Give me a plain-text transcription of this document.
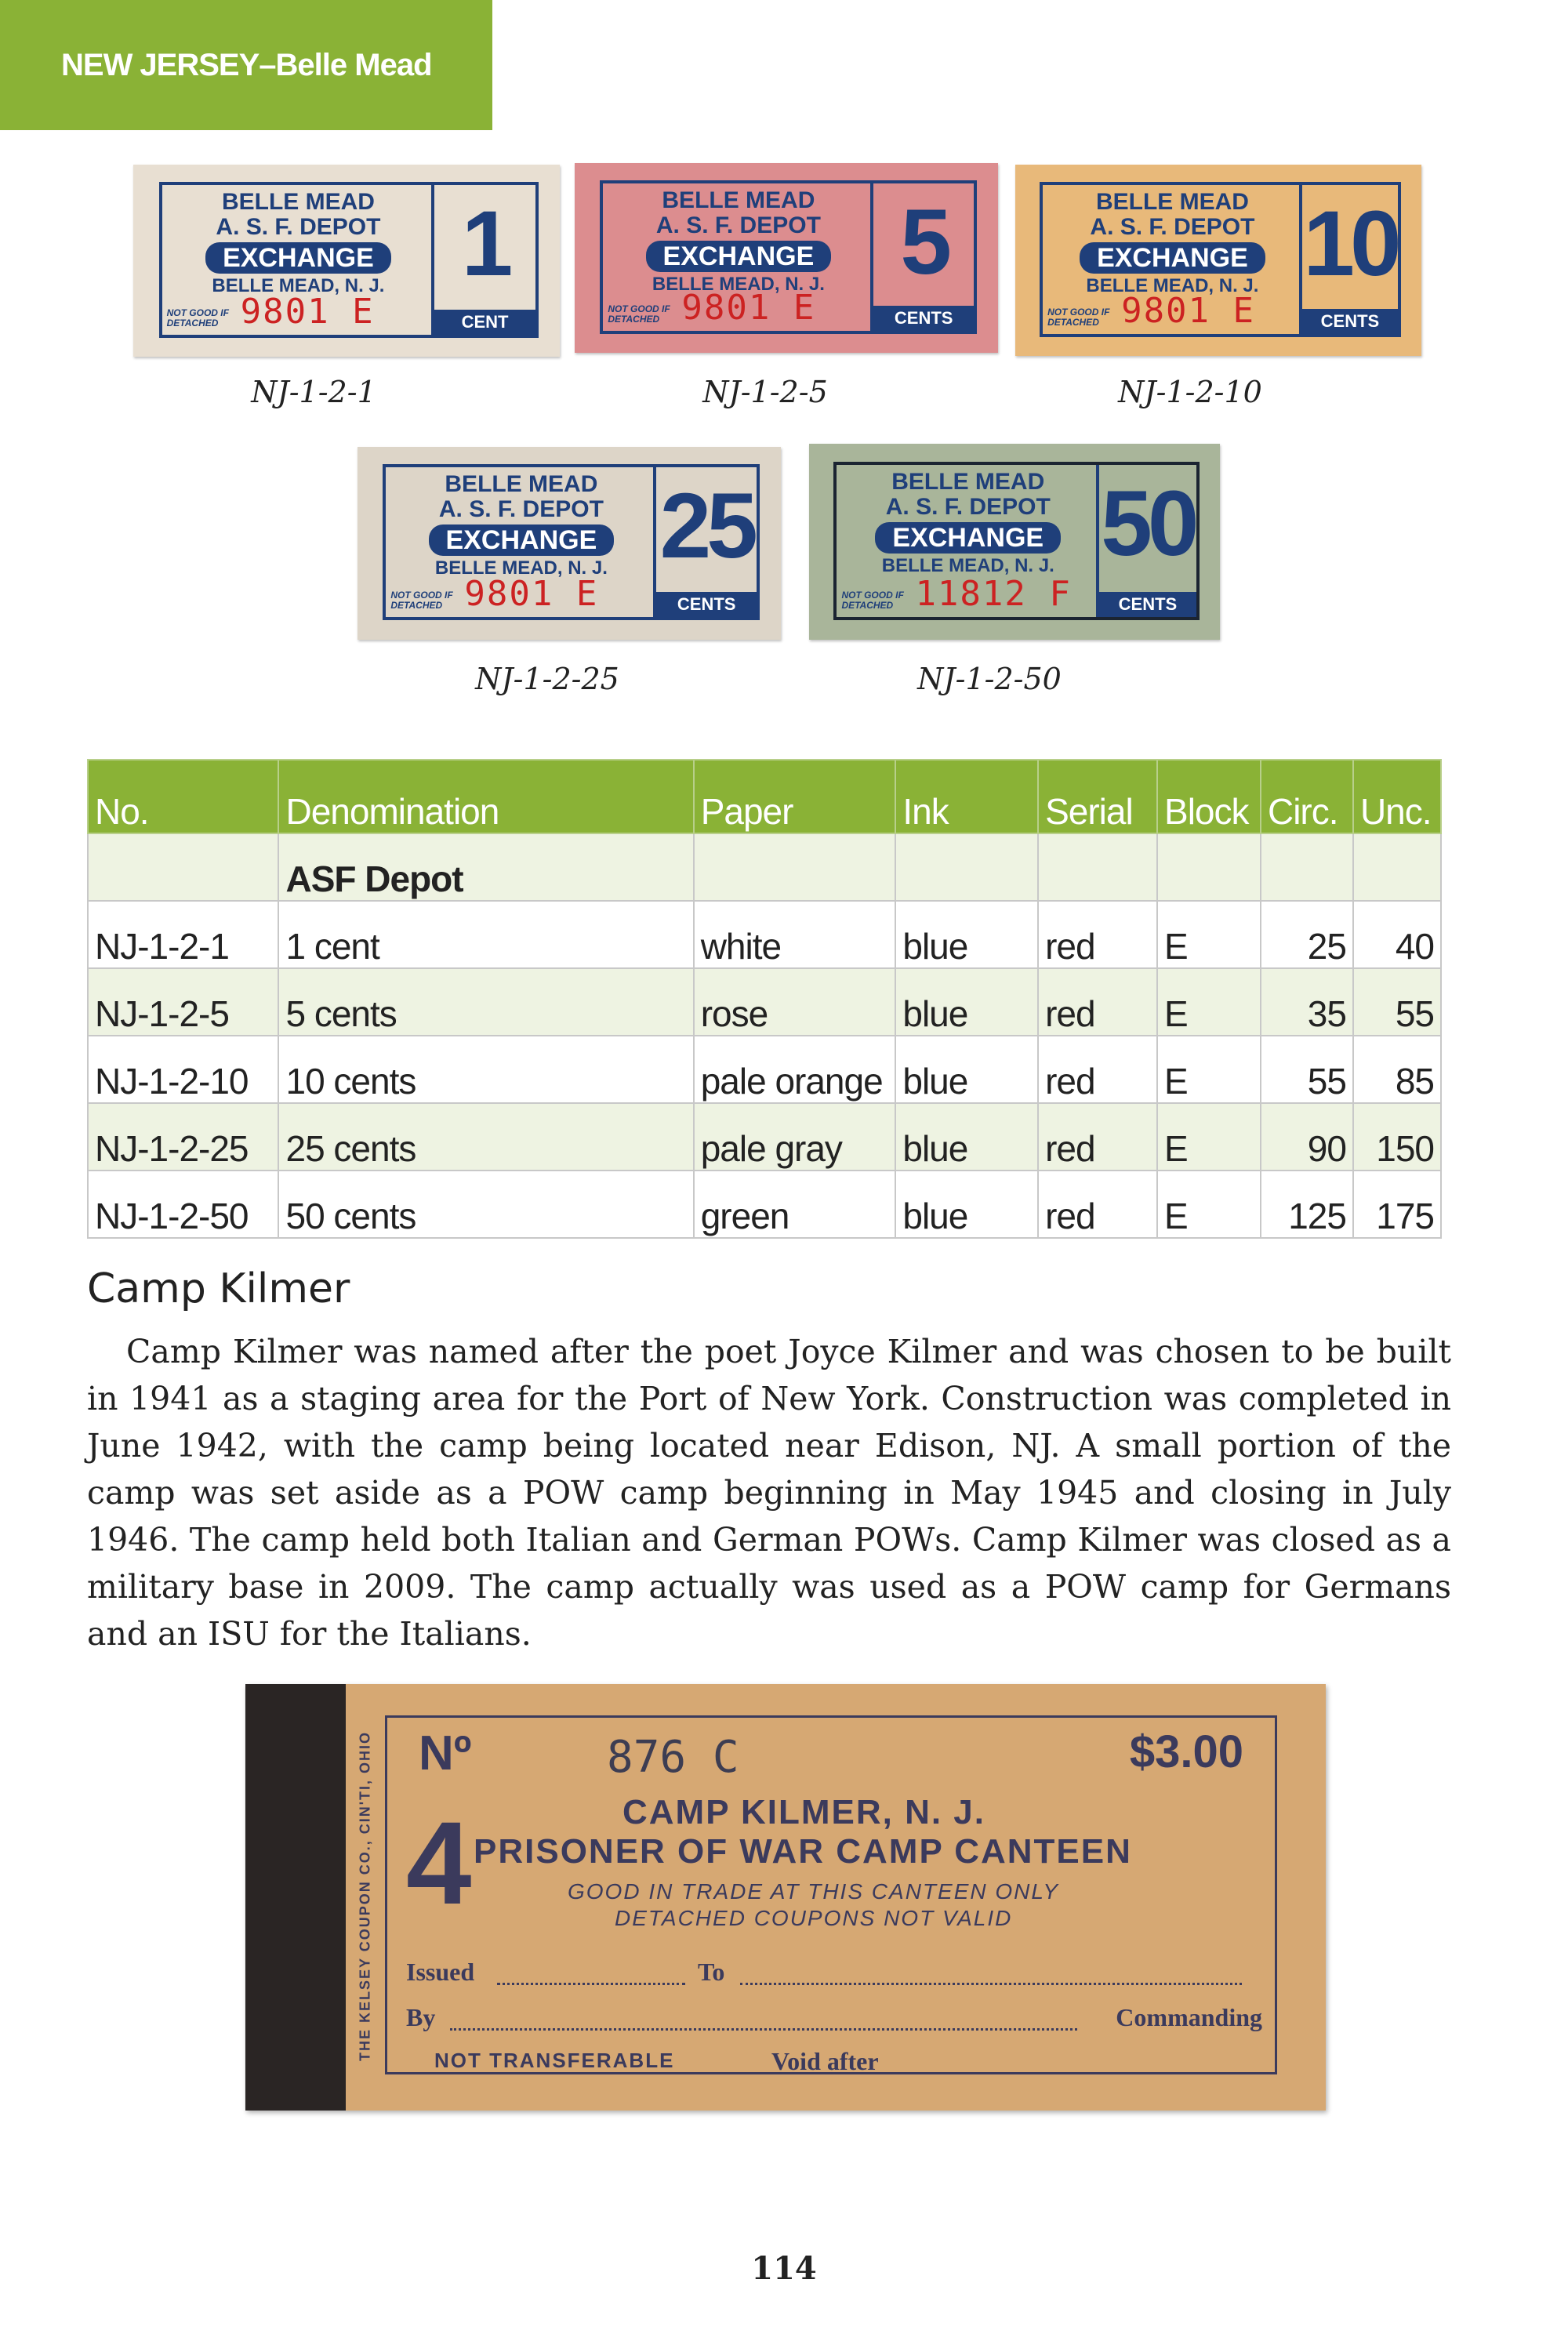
NEW JERSEY–Belle Mead
BELLE MEAD
A. S. F. DEPOT
EXCHANGE
BELLE MEAD, N. J.
NOT GOOD IF DETACHED 9801 E
1
CENT
NJ-1-2-1
BELLE MEAD
A. S. F. DEPOT
EXCHANGE
BELLE MEAD, N. J.
NOT GOOD IF DETACHED 9801 E
5
CENTS
NJ-1-2-5
BELLE MEAD
A. S. F. DEPOT
EXCHANGE
BELLE MEAD, N. J.
NOT GOOD IF DETACHED 9801 E
10
CENTS
NJ-1-2-10
BELLE MEAD
A. S. F. DEPOT
EXCHANGE
BELLE MEAD, N. J.
NOT GOOD IF DETACHED 9801 E
25
CENTS
NJ-1-2-25
BELLE MEAD
A. S. F. DEPOT
EXCHANGE
BELLE MEAD, N. J.
NOT GOOD IF DETACHED 11812 F
50
CENTS
NJ-1-2-50
No.	Denomination	Paper	Ink	Serial	Block	Circ.	Unc.
	ASF Depot						
NJ-1-2-1	1 cent	white	blue	red	E	25	40
NJ-1-2-5	5 cents	rose	blue	red	E	35	55
NJ-1-2-10	10 cents	pale orange	blue	red	E	55	85
NJ-1-2-25	25 cents	pale gray	blue	red	E	90	150
NJ-1-2-50	50 cents	green	blue	red	E	125	175
Camp Kilmer
Camp Kilmer was named after the poet Joyce Kilmer and was chosen to be built in 1941 as a staging area for the Port of New York. Construction was completed in June 1942, with the camp being located near Edison, NJ. A small portion of the camp was set aside as a POW camp beginning in May 1945 and closing in July 1946. The camp held both Italian and German POWs. Camp Kilmer was closed as a military base in 2009. The camp actually was used as a POW camp for Germans and an ISU for the Italians.
THE KELSEY COUPON CO., CIN'TI, OHIO Nº	876 C	$3.00
4	CAMP KILMER, N. J.
PRISONER OF WAR CAMP CANTEEN
GOOD IN TRADE AT THIS CANTEEN ONLY
DETACHED COUPONS NOT VALID
Issued	To
By	Commanding
NOT TRANSFERABLE	Void after
114
